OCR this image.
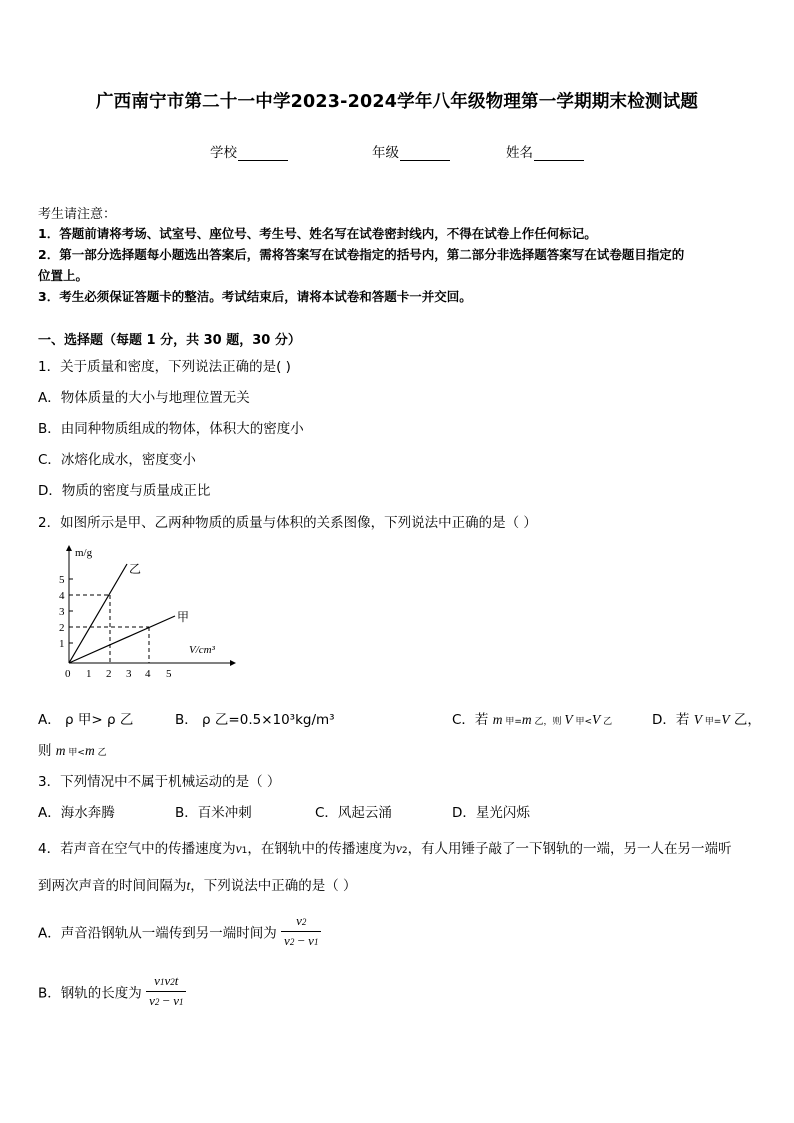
广西南宁市第二十一中学2023-2024学年八年级物理第一学期期末检测试题
学校	年级	姓名
考生请注意：
1．答题前请将考场、试室号、座位号、考生号、姓名写在试卷密封线内，不得在试卷上作任何标记。
2．第一部分选择题每小题选出答案后，需将答案写在试卷指定的括号内，第二部分非选择题答案写在试卷题目指定的
位置上。
3．考生必须保证答题卡的整洁。考试结束后，请将本试卷和答题卡一并交回。
一、选择题（每题 1 分，共 30 题，30 分）
1．关于质量和密度，下列说法正确的是( )
A．物体质量的大小与地理位置无关
B．由同种物质组成的物体，体积大的密度小
C．冰熔化成水，密度变小
D．物质的密度与质量成正比
2．如图所示是甲、乙两种物质的质量与体积的关系图像，下列说法中正确的是（ ）
m/g
V/cm³
乙
甲
1
2
3
4
5
0 1 2 3 4 5
A． ρ 甲> ρ 乙	B． ρ 乙=0.5×10³kg/m³	C．若 m 甲=m 乙，则 V 甲<V 乙	D．若 V 甲=V 乙，
则 m 甲<m 乙
3．下列情况中不属于机械运动的是（ ）
A．海水奔腾	B．百米冲刺	C．风起云涌	D．星光闪烁
4．若声音在空气中的传播速度为v1，在钢轨中的传播速度为v2，有人用锤子敲了一下钢轨的一端，另一人在另一端听
到两次声音的时间间隔为t，下列说法中正确的是（ ）
A．声音沿钢轨从一端传到另一端时间为 $\frac{v2}{v2 - v1}$
B．钢轨的长度为 $\frac{v1v2t}{v2 - v1}$
